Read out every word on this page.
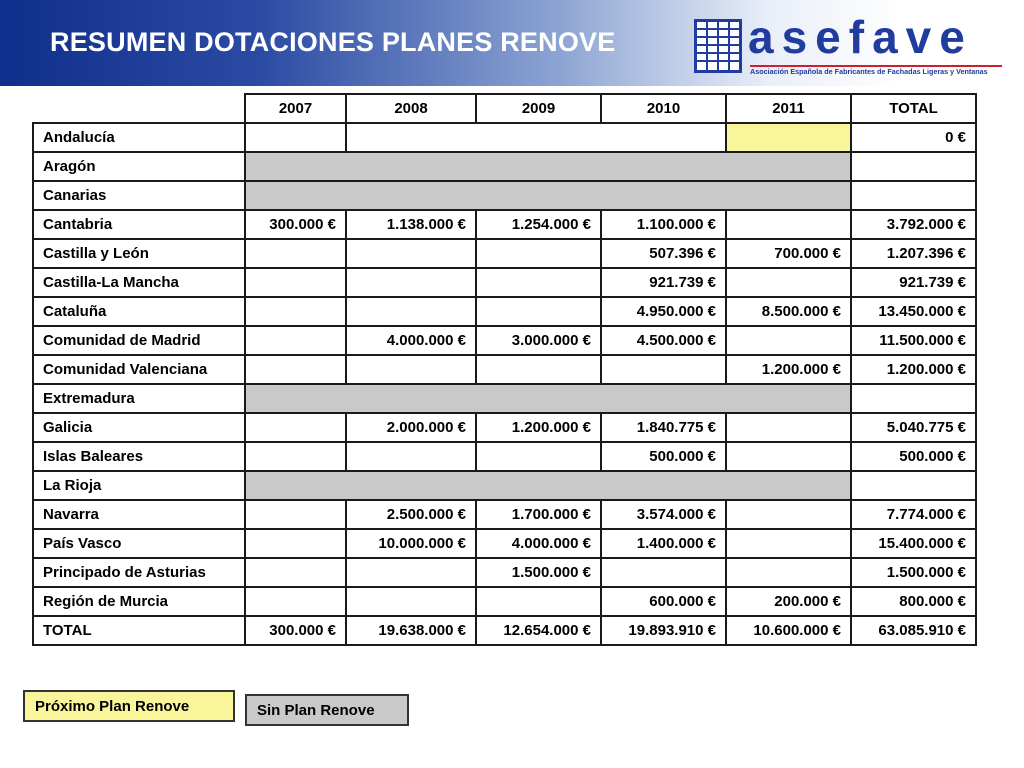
RESUMEN DOTACIONES PLANES RENOVE	asefave
Asociación Española de Fabricantes de Fachadas Ligeras y Ventanas
	2007	2008	2009	2010	2011	TOTAL
Andalucía						0 €
Aragón						
Canarias						
Cantabria	300.000 €	1.138.000 €	1.254.000 €	1.100.000 €		3.792.000 €
Castilla y León				507.396 €	700.000 €	1.207.396 €
Castilla-La Mancha				921.739 €		921.739 €
Cataluña				4.950.000 €	8.500.000 €	13.450.000 €
Comunidad de Madrid		4.000.000 €	3.000.000 €	4.500.000 €		11.500.000 €
Comunidad Valenciana					1.200.000 €	1.200.000 €
Extremadura						
Galicia		2.000.000 €	1.200.000 €	1.840.775 €		5.040.775 €
Islas Baleares				500.000 €		500.000 €
La Rioja						
Navarra		2.500.000 €	1.700.000 €	3.574.000 €		7.774.000 €
País Vasco		10.000.000 €	4.000.000 €	1.400.000 €		15.400.000 €
Principado de Asturias			1.500.000 €			1.500.000 €
Región de Murcia				600.000 €	200.000 €	800.000 €
TOTAL	300.000 €	19.638.000 €	12.654.000 €	19.893.910 €	10.600.000 €	63.085.910 €
Próximo Plan Renove	Sin Plan Renove
